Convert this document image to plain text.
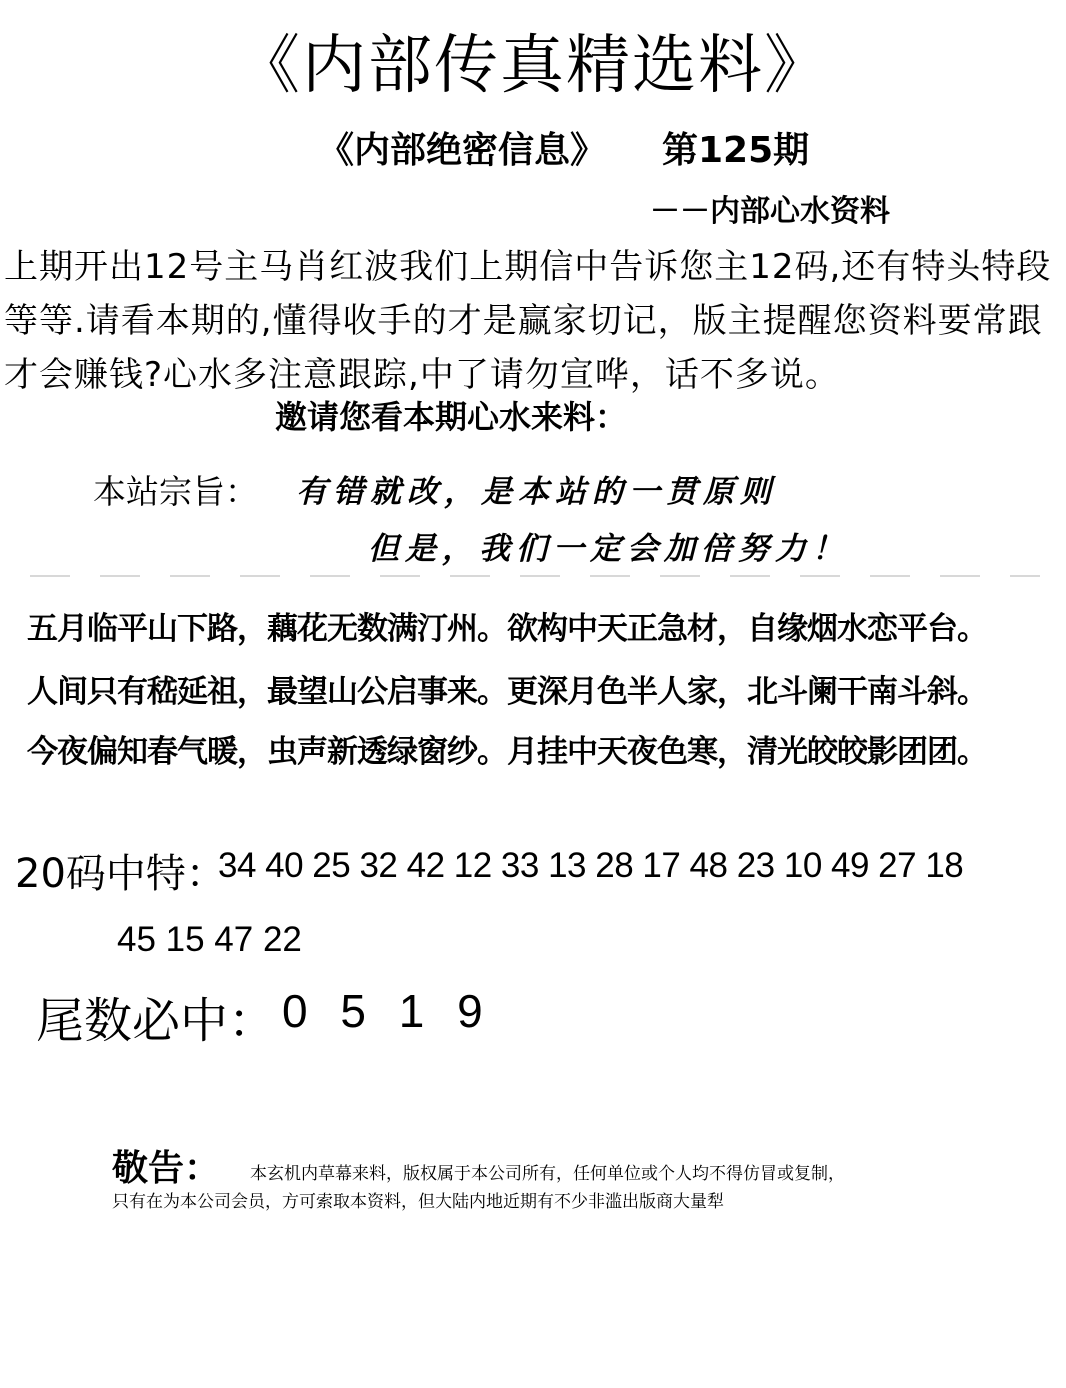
《内部传真精选料》
《内部绝密信息》 第125期
－－内部心水资料
上期开出12号主马肖红波我们上期信中告诉您主12码,还有特头特段等等.请看本期的,懂得收手的才是赢家切记，版主提醒您资料要常跟才会赚钱?心水多注意跟踪,中了请勿宣哗，话不多说。
邀请您看本期心水来料：
本站宗旨： 有错就改，是本站的一贯原则
但是，我们一定会加倍努力！
五月临平山下路，藕花无数满汀州。欲构中天正急材，自缘烟水恋平台。
人间只有嵇延祖，最望山公启事来。更深月色半人家，北斗阑干南斗斜。
今夜偏知春气暖，虫声新透绿窗纱。月挂中天夜色寒，清光皎皎影团团。
20码中特：
34 40 25 32 42 12 33 13 28 17 48 23 10 49 27 18
45 15 47 22
尾数必中： 0 5 1 9
敬告： 本玄机内草幕来料，版权属于本公司所有，任何单位或个人均不得仿冒或复制，
只有在为本公司会员，方可索取本资料，但大陆内地近期有不少非滥出版商大量犁
